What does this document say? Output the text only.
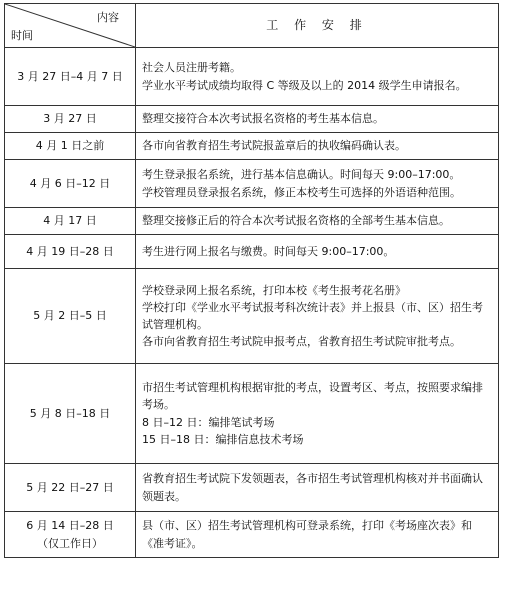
内容
时间	工 作 安 排

3 月 27 日–4 月 7 日	社会人员注册考籍。
学业水平考试成绩均取得 C 等级及以上的 2014 级学生申请报名。

3 月 27 日	整理交接符合本次考试报名资格的考生基本信息。

4 月 1 日之前	各市向省教育招生考试院报盖章后的执收编码确认表。

4 月 6 日–12 日	考生登录报名系统，进行基本信息确认。时间每天 9:00–17:00。
学校管理员登录报名系统，修正本校考生可选择的外语语种范围。

4 月 17 日	整理交接修正后的符合本次考试报名资格的全部考生基本信息。

4 月 19 日–28 日	考生进行网上报名与缴费。时间每天 9:00–17:00。

5 月 2 日–5 日	学校登录网上报名系统，打印本校《考生报考花名册》
学校打印《学业水平考试报考科次统计表》并上报县（市、区）招生考试管理机构。
各市向省教育招生考试院申报考点，省教育招生考试院审批考点。

5 月 8 日–18 日	市招生考试管理机构根据审批的考点，设置考区、考点，按照要求编排考场。
8 日–12 日：编排笔试考场
15 日–18 日：编排信息技术考场

5 月 22 日–27 日	省教育招生考试院下发领题表，各市招生考试管理机构核对并书面确认领题表。

6 月 14 日–28 日
（仅工作日）	县（市、区）招生考试管理机构可登录系统，打印《考场座次表》和《准考证》。
